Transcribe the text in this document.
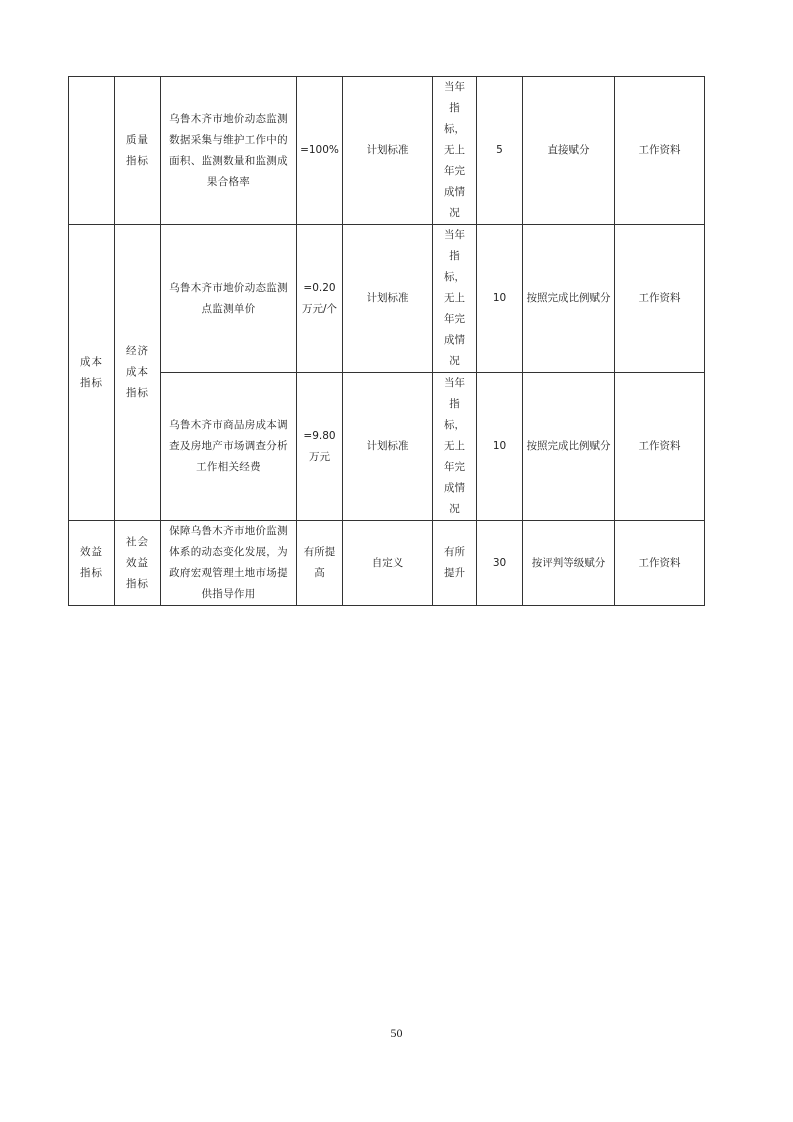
	质量指标	乌鲁木齐市地价动态监测数据采集与维护工作中的面积、监测数量和监测成果合格率	=100%	计划标准	当年指标，无上年完成情况	5	直接赋分	工作资料
成本指标	经济成本指标	乌鲁木齐市地价动态监测点监测单价	=0.20万元/个	计划标准	当年指标，无上年完成情况	10	按照完成比例赋分	工作资料
		乌鲁木齐市商品房成本调查及房地产市场调查分析工作相关经费	=9.80万元	计划标准	当年指标，无上年完成情况	10	按照完成比例赋分	工作资料
效益指标	社会效益指标	保障乌鲁木齐市地价监测体系的动态变化发展，为政府宏观管理土地市场提供指导作用	有所提高	自定义	有所提升	30	按评判等级赋分	工作资料
50
